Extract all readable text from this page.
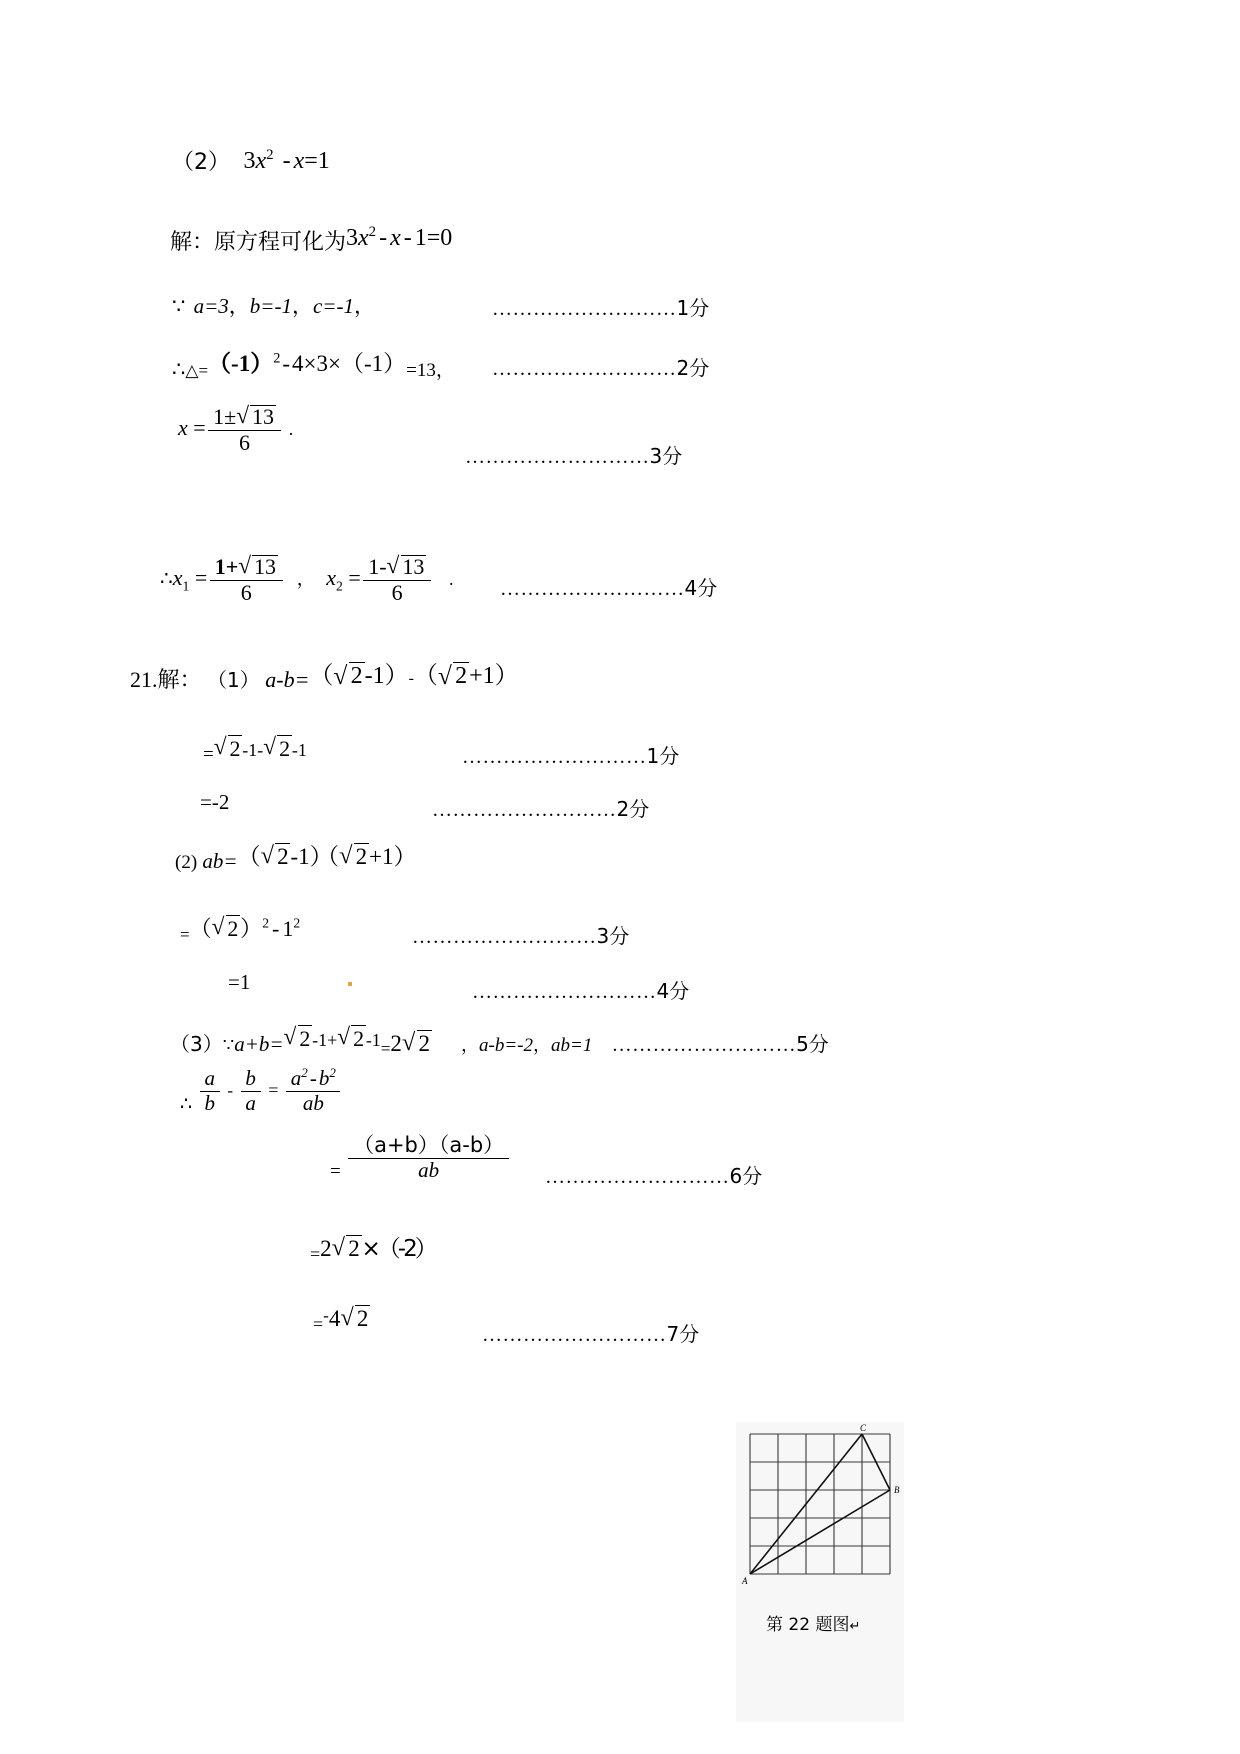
（2） $3x^2 - x=1$
解：原方程可化为$3x^2 - x - 1=0$
∵ a=3，b=-1，c=-1，	………………………1分
$\therefore\triangle=(-1)^2-4\times 3\times(-1)=13$， ………………………2分
$x = \frac{1\pm √ 13}{6}$ .
………………………3分
$\therefore x_1 = \frac{1+ √ 13}{6}$ ， $x_2 = \frac{1- √ 13}{6}$ . ………………………4分
21.解： （1） a-b=（ √ 2-1）-（ √ 2+1）
= √ 2-1- √ 2-1	………………………1分
=-2	………………………2分
(2) ab=（ √ 2-1）（ √ 2+1）
=（ √ $2)^2 - 1^2$
………………………3分
=1	………………………4分
（3）∵a+b= √ 2-1+ √ 2-1=2 √ 2 ，a-b=-2，ab=1 ………………………5分
∴ $\frac{a}{b} - \frac{b}{a} = \frac{a^2-b^2}{ab}$
= $\frac{(a+b)(a-b)}{ab}$ ………………………6分
=2 √ 2×（-2）
=-4 √ 2
………………………7分
C
B
A
第 22 题图↵
